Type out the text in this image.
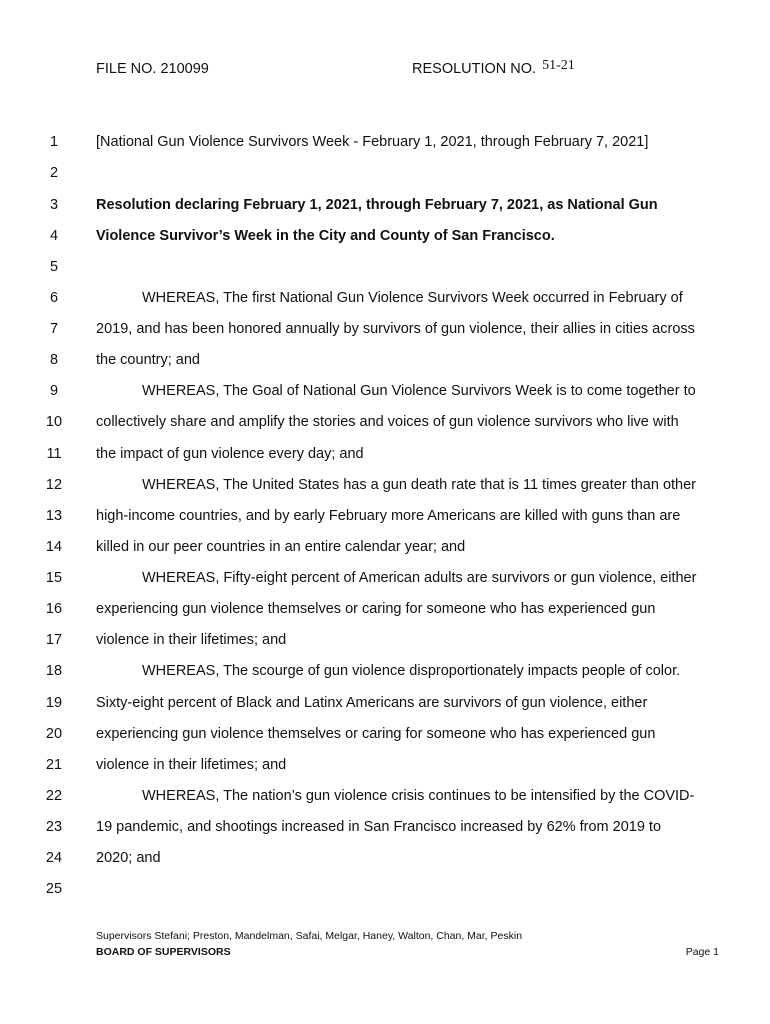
FILE NO. 210099	RESOLUTION NO. 51-21
1
2
3
4
5
6
7
8
9
10
11
12
13
14
15
16
17
18
19
20
21
22
23
24
25
[National Gun Violence Survivors Week - February 1, 2021, through February 7, 2021]
Resolution declaring February 1, 2021, through February 7, 2021, as National Gun
Violence Survivor’s Week in the City and County of San Francisco.
WHEREAS, The first National Gun Violence Survivors Week occurred in February of
2019, and has been honored annually by survivors of gun violence, their allies in cities across
the country; and
WHEREAS, The Goal of National Gun Violence Survivors Week is to come together to
collectively share and amplify the stories and voices of gun violence survivors who live with
the impact of gun violence every day; and
WHEREAS, The United States has a gun death rate that is 11 times greater than other
high-income countries, and by early February more Americans are killed with guns than are
killed in our peer countries in an entire calendar year; and
WHEREAS, Fifty-eight percent of American adults are survivors or gun violence, either
experiencing gun violence themselves or caring for someone who has experienced gun
violence in their lifetimes; and
WHEREAS, The scourge of gun violence disproportionately impacts people of color.
Sixty-eight percent of Black and Latinx Americans are survivors of gun violence, either
experiencing gun violence themselves or caring for someone who has experienced gun
violence in their lifetimes; and
WHEREAS, The nation’s gun violence crisis continues to be intensified by the COVID-
19 pandemic, and shootings increased in San Francisco increased by 62% from 2019 to
2020; and
Supervisors Stefani; Preston, Mandelman, Safai, Melgar, Haney, Walton, Chan, Mar, Peskin
BOARD OF SUPERVISORS	Page 1
